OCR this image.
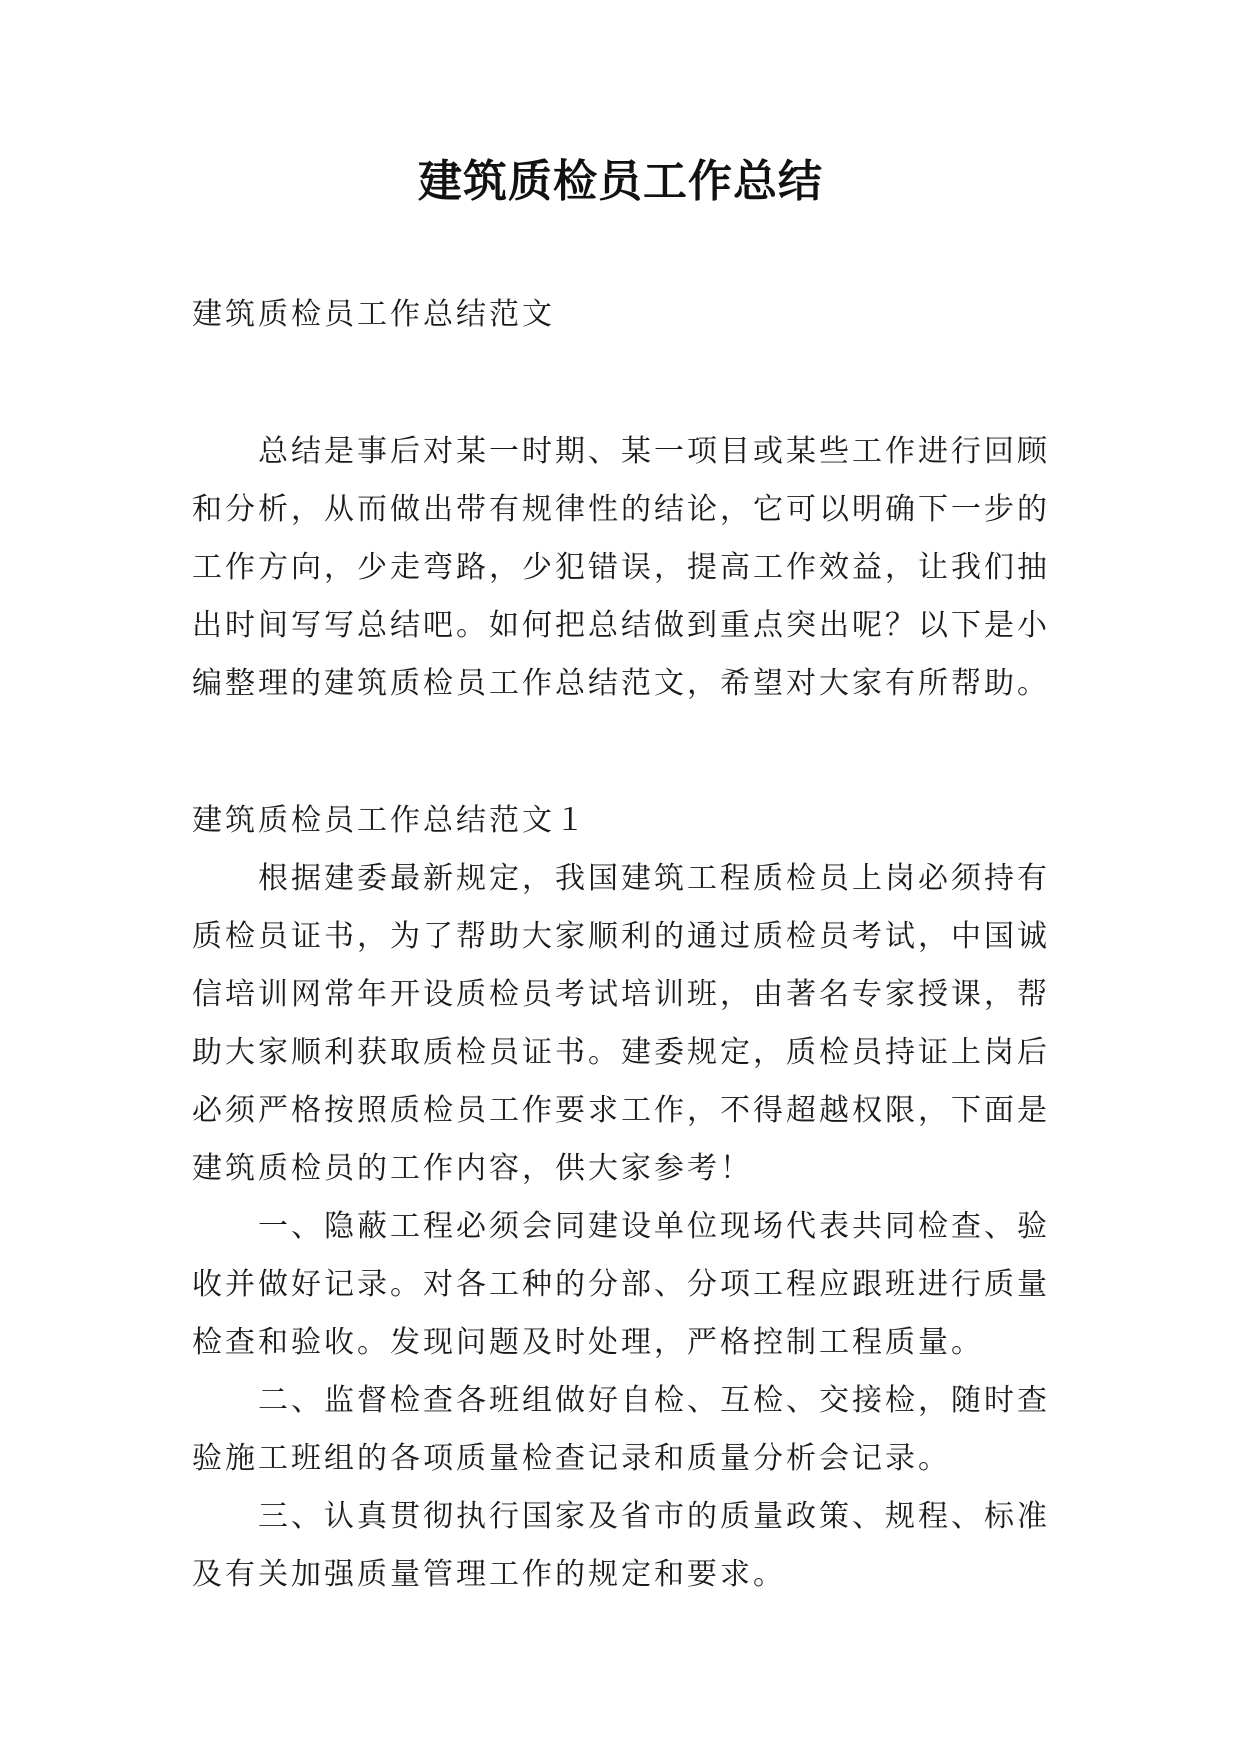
建筑质检员工作总结
建筑质检员工作总结范文
总结是事后对某一时期、某一项目或某些工作进行回顾
和分析，从而做出带有规律性的结论，它可以明确下一步的
工作方向，少走弯路，少犯错误，提高工作效益，让我们抽
出时间写写总结吧。如何把总结做到重点突出呢？以下是小
编整理的建筑质检员工作总结范文，希望对大家有所帮助。
建筑质检员工作总结范文１
根据建委最新规定，我国建筑工程质检员上岗必须持有
质检员证书，为了帮助大家顺利的通过质检员考试，中国诚
信培训网常年开设质检员考试培训班，由著名专家授课，帮
助大家顺利获取质检员证书。建委规定，质检员持证上岗后
必须严格按照质检员工作要求工作，不得超越权限，下面是
建筑质检员的工作内容，供大家参考！
一、隐蔽工程必须会同建设单位现场代表共同检查、验
收并做好记录。对各工种的分部、分项工程应跟班进行质量
检查和验收。发现问题及时处理，严格控制工程质量。
二、监督检查各班组做好自检、互检、交接检，随时查
验施工班组的各项质量检查记录和质量分析会记录。
三、认真贯彻执行国家及省市的质量政策、规程、标准
及有关加强质量管理工作的规定和要求。
